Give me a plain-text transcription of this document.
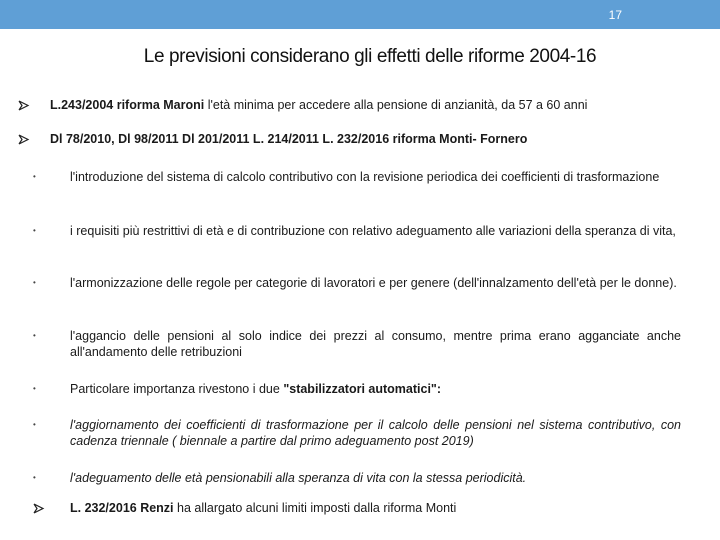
17
Le previsioni considerano gli effetti delle riforme 2004-16
L.243/2004 riforma Maroni l'età minima per accedere alla pensione di anzianità, da 57 a 60 anni
Dl 78/2010, Dl 98/2011 Dl 201/2011 L. 214/2011 L. 232/2016 riforma Monti- Fornero
•	l'introduzione del sistema di calcolo contributivo con la revisione periodica dei coefficienti di trasformazione
•	i requisiti più restrittivi di età e di contribuzione con relativo adeguamento alle variazioni della speranza di vita,
•	l'armonizzazione delle regole per categorie di lavoratori e per genere (dell'innalzamento dell'età per le donne).
•	l'aggancio delle pensioni al solo indice dei prezzi al consumo, mentre prima erano agganciate anche all'andamento delle retribuzioni
•	Particolare importanza rivestono i due "stabilizzatori automatici":
•	l'aggiornamento dei coefficienti di trasformazione per il calcolo delle pensioni nel sistema contributivo, con cadenza triennale ( biennale a partire dal primo adeguamento post 2019)
•	l'adeguamento delle età pensionabili alla speranza di vita con la stessa periodicità.
L. 232/2016 Renzi ha allargato alcuni limiti imposti dalla riforma Monti
